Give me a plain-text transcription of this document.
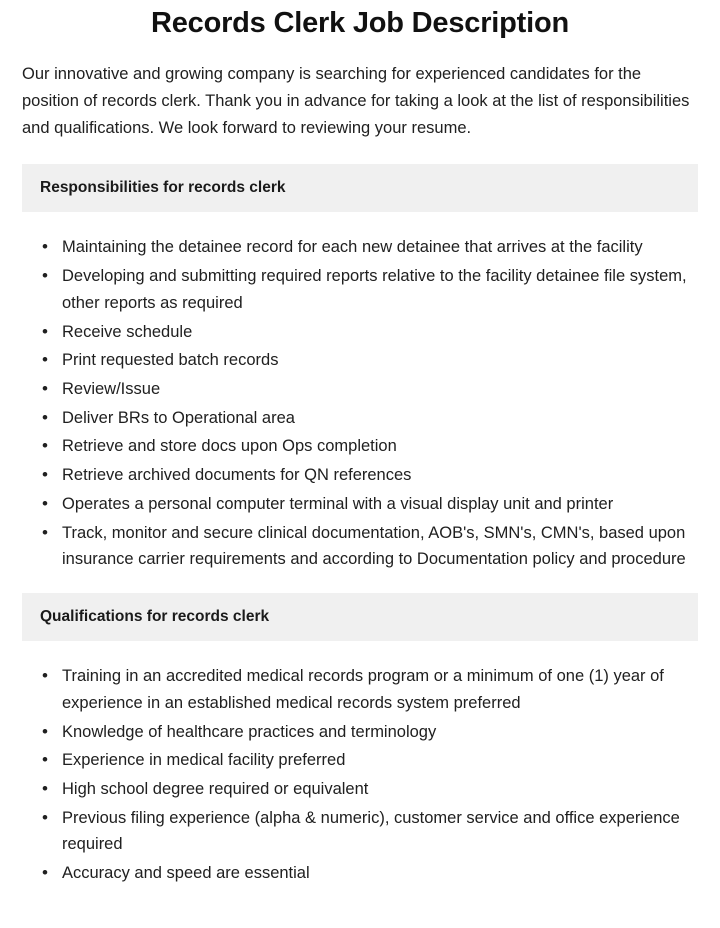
Records Clerk Job Description

Our innovative and growing company is searching for experienced candidates for the position of records clerk. Thank you in advance for taking a look at the list of responsibilities and qualifications. We look forward to reviewing your resume.

Responsibilities for records clerk
• Maintaining the detainee record for each new detainee that arrives at the facility
• Developing and submitting required reports relative to the facility detainee file system, other reports as required
• Receive schedule
• Print requested batch records
• Review/Issue
• Deliver BRs to Operational area
• Retrieve and store docs upon Ops completion
• Retrieve archived documents for QN references
• Operates a personal computer terminal with a visual display unit and printer
• Track, monitor and secure clinical documentation, AOB's, SMN's, CMN's, based upon insurance carrier requirements and according to Documentation policy and procedure
Qualifications for records clerk
• Training in an accredited medical records program or a minimum of one (1) year of experience in an established medical records system preferred
• Knowledge of healthcare practices and terminology
• Experience in medical facility preferred
• High school degree required or equivalent
• Previous filing experience (alpha & numeric), customer service and office experience required
• Accuracy and speed are essential
